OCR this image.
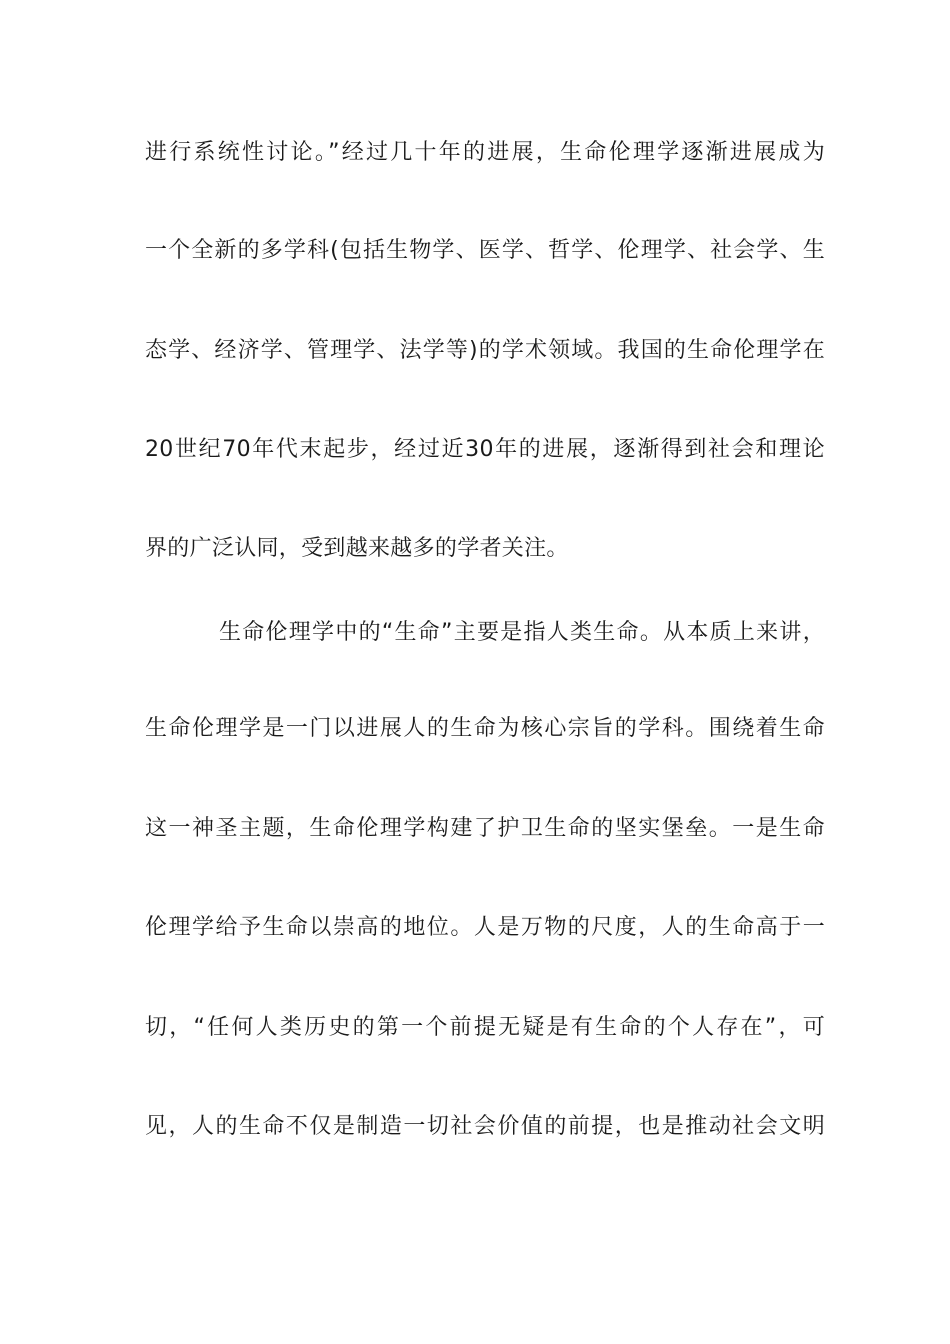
进行系统性讨论。”经过几十年的进展，生命伦理学逐渐进展成为
一个全新的多学科(包括生物学、医学、哲学、伦理学、社会学、生
态学、经济学、管理学、法学等)的学术领域。我国的生命伦理学在
20世纪70年代末起步，经过近30年的进展，逐渐得到社会和理论
界的广泛认同，受到越来越多的学者关注。
生命伦理学中的“生命”主要是指人类生命。从本质上来讲，
生命伦理学是一门以进展人的生命为核心宗旨的学科。围绕着生命
这一神圣主题，生命伦理学构建了护卫生命的坚实堡垒。一是生命
伦理学给予生命以崇高的地位。人是万物的尺度，人的生命高于一
切，“任何人类历史的第一个前提无疑是有生命的个人存在”，可
见，人的生命不仅是制造一切社会价值的前提，也是推动社会文明
